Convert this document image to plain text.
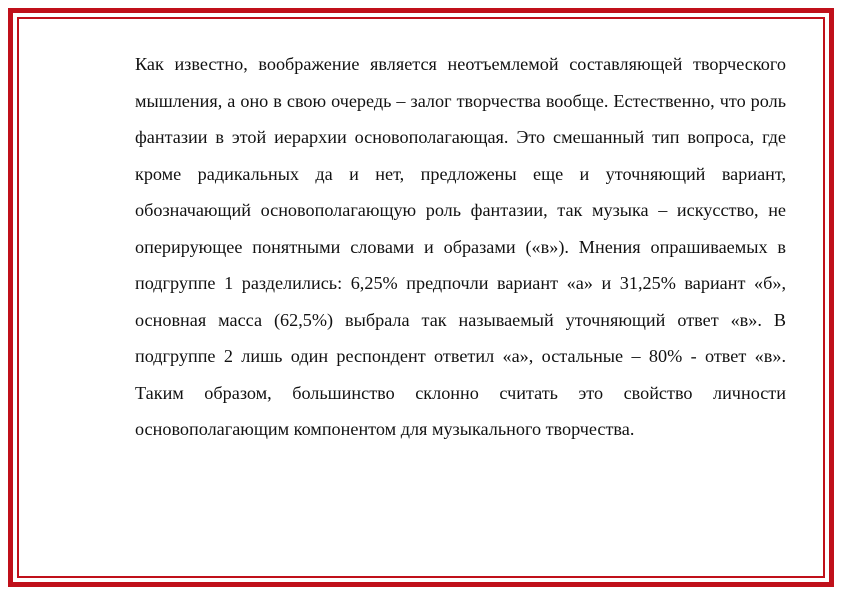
Как известно, воображение является неотъемлемой составляющей творческого мышления, а оно в свою очередь – залог творчества вообще. Естественно, что роль фантазии в этой иерархии основополагающая. Это смешанный тип вопроса, где кроме радикальных да и нет, предложены еще и уточняющий вариант, обозначающий основополагающую роль фантазии, так музыка – искусство, не оперирующее понятными словами и образами («в»). Мнения опрашиваемых в подгруппе 1 разделились: 6,25% предпочли вариант «а» и 31,25% вариант «б», основная масса (62,5%) выбрала так называемый уточняющий ответ «в». В подгруппе 2 лишь один респондент ответил «а», остальные – 80% - ответ «в». Таким образом, большинство склонно считать это свойство личности основополагающим компонентом для музыкального творчества.
